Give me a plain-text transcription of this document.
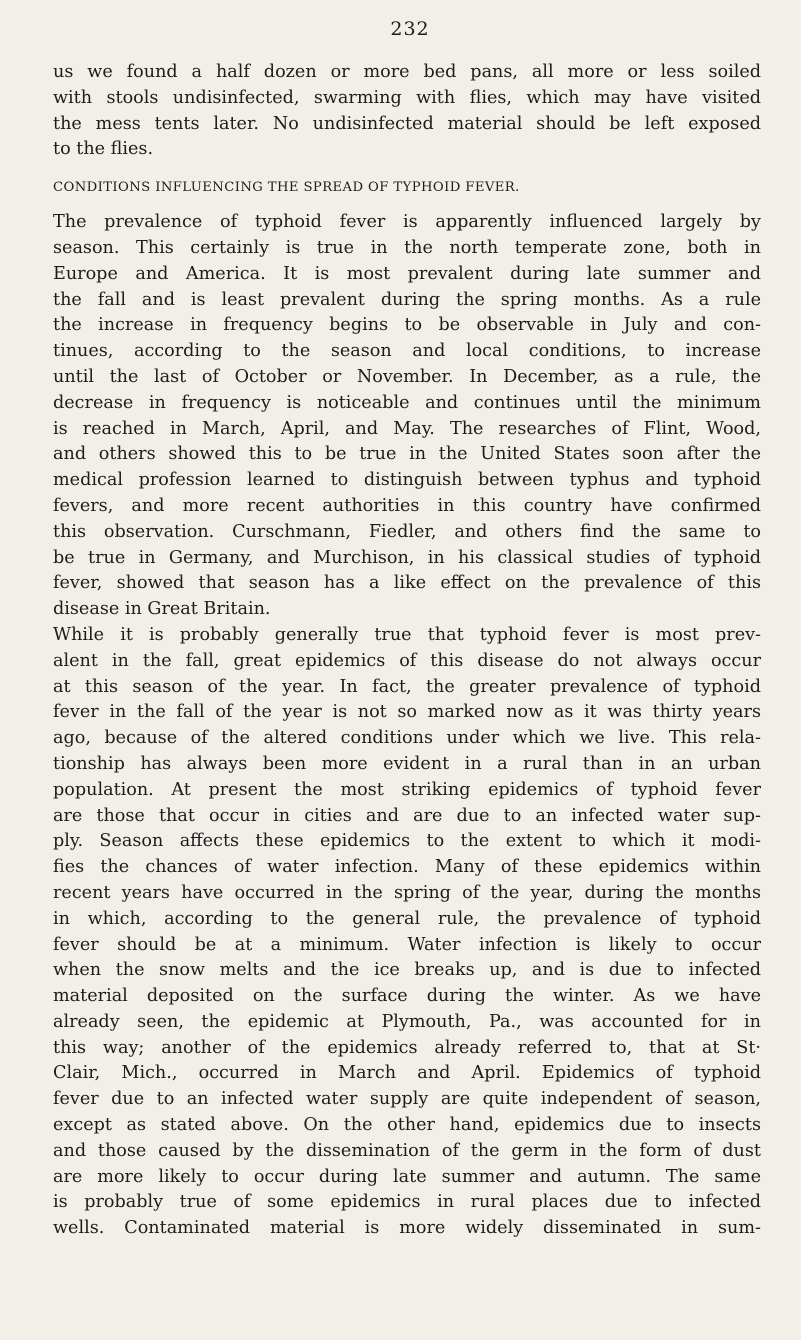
232
us we found a half dozen or more bed pans, all more or less soiled
with stools undisinfected, swarming with flies, which may have visited
the mess tents later. No undisinfected material should be left exposed
to the flies.
CONDITIONS INFLUENCING THE SPREAD OF TYPHOID FEVER.
The prevalence of typhoid fever is apparently influenced largely by
season. This certainly is true in the north temperate zone, both in
Europe and America. It is most prevalent during late summer and
the fall and is least prevalent during the spring months. As a rule
the increase in frequency begins to be observable in July and con-
tinues, according to the season and local conditions, to increase
until the last of October or November. In December, as a rule, the
decrease in frequency is noticeable and continues until the minimum
is reached in March, April, and May. The researches of Flint, Wood,
and others showed this to be true in the United States soon after the
medical profession learned to distinguish between typhus and typhoid
fevers, and more recent authorities in this country have confirmed
this observation. Curschmann, Fiedler, and others find the same to
be true in Germany, and Murchison, in his classical studies of typhoid
fever, showed that season has a like effect on the prevalence of this
disease in Great Britain.
While it is probably generally true that typhoid fever is most prev-
alent in the fall, great epidemics of this disease do not always occur
at this season of the year. In fact, the greater prevalence of typhoid
fever in the fall of the year is not so marked now as it was thirty years
ago, because of the altered conditions under which we live. This rela-
tionship has always been more evident in a rural than in an urban
population. At present the most striking epidemics of typhoid fever
are those that occur in cities and are due to an infected water sup-
ply. Season affects these epidemics to the extent to which it modi-
fies the chances of water infection. Many of these epidemics within
recent years have occurred in the spring of the year, during the months
in which, according to the general rule, the prevalence of typhoid
fever should be at a minimum. Water infection is likely to occur
when the snow melts and the ice breaks up, and is due to infected
material deposited on the surface during the winter. As we have
already seen, the epidemic at Plymouth, Pa., was accounted for in
this way; another of the epidemics already referred to, that at St·
Clair, Mich., occurred in March and April. Epidemics of typhoid
fever due to an infected water supply are quite independent of season,
except as stated above. On the other hand, epidemics due to insects
and those caused by the dissemination of the germ in the form of dust
are more likely to occur during late summer and autumn. The same
is probably true of some epidemics in rural places due to infected
wells. Contaminated material is more widely disseminated in sum-
